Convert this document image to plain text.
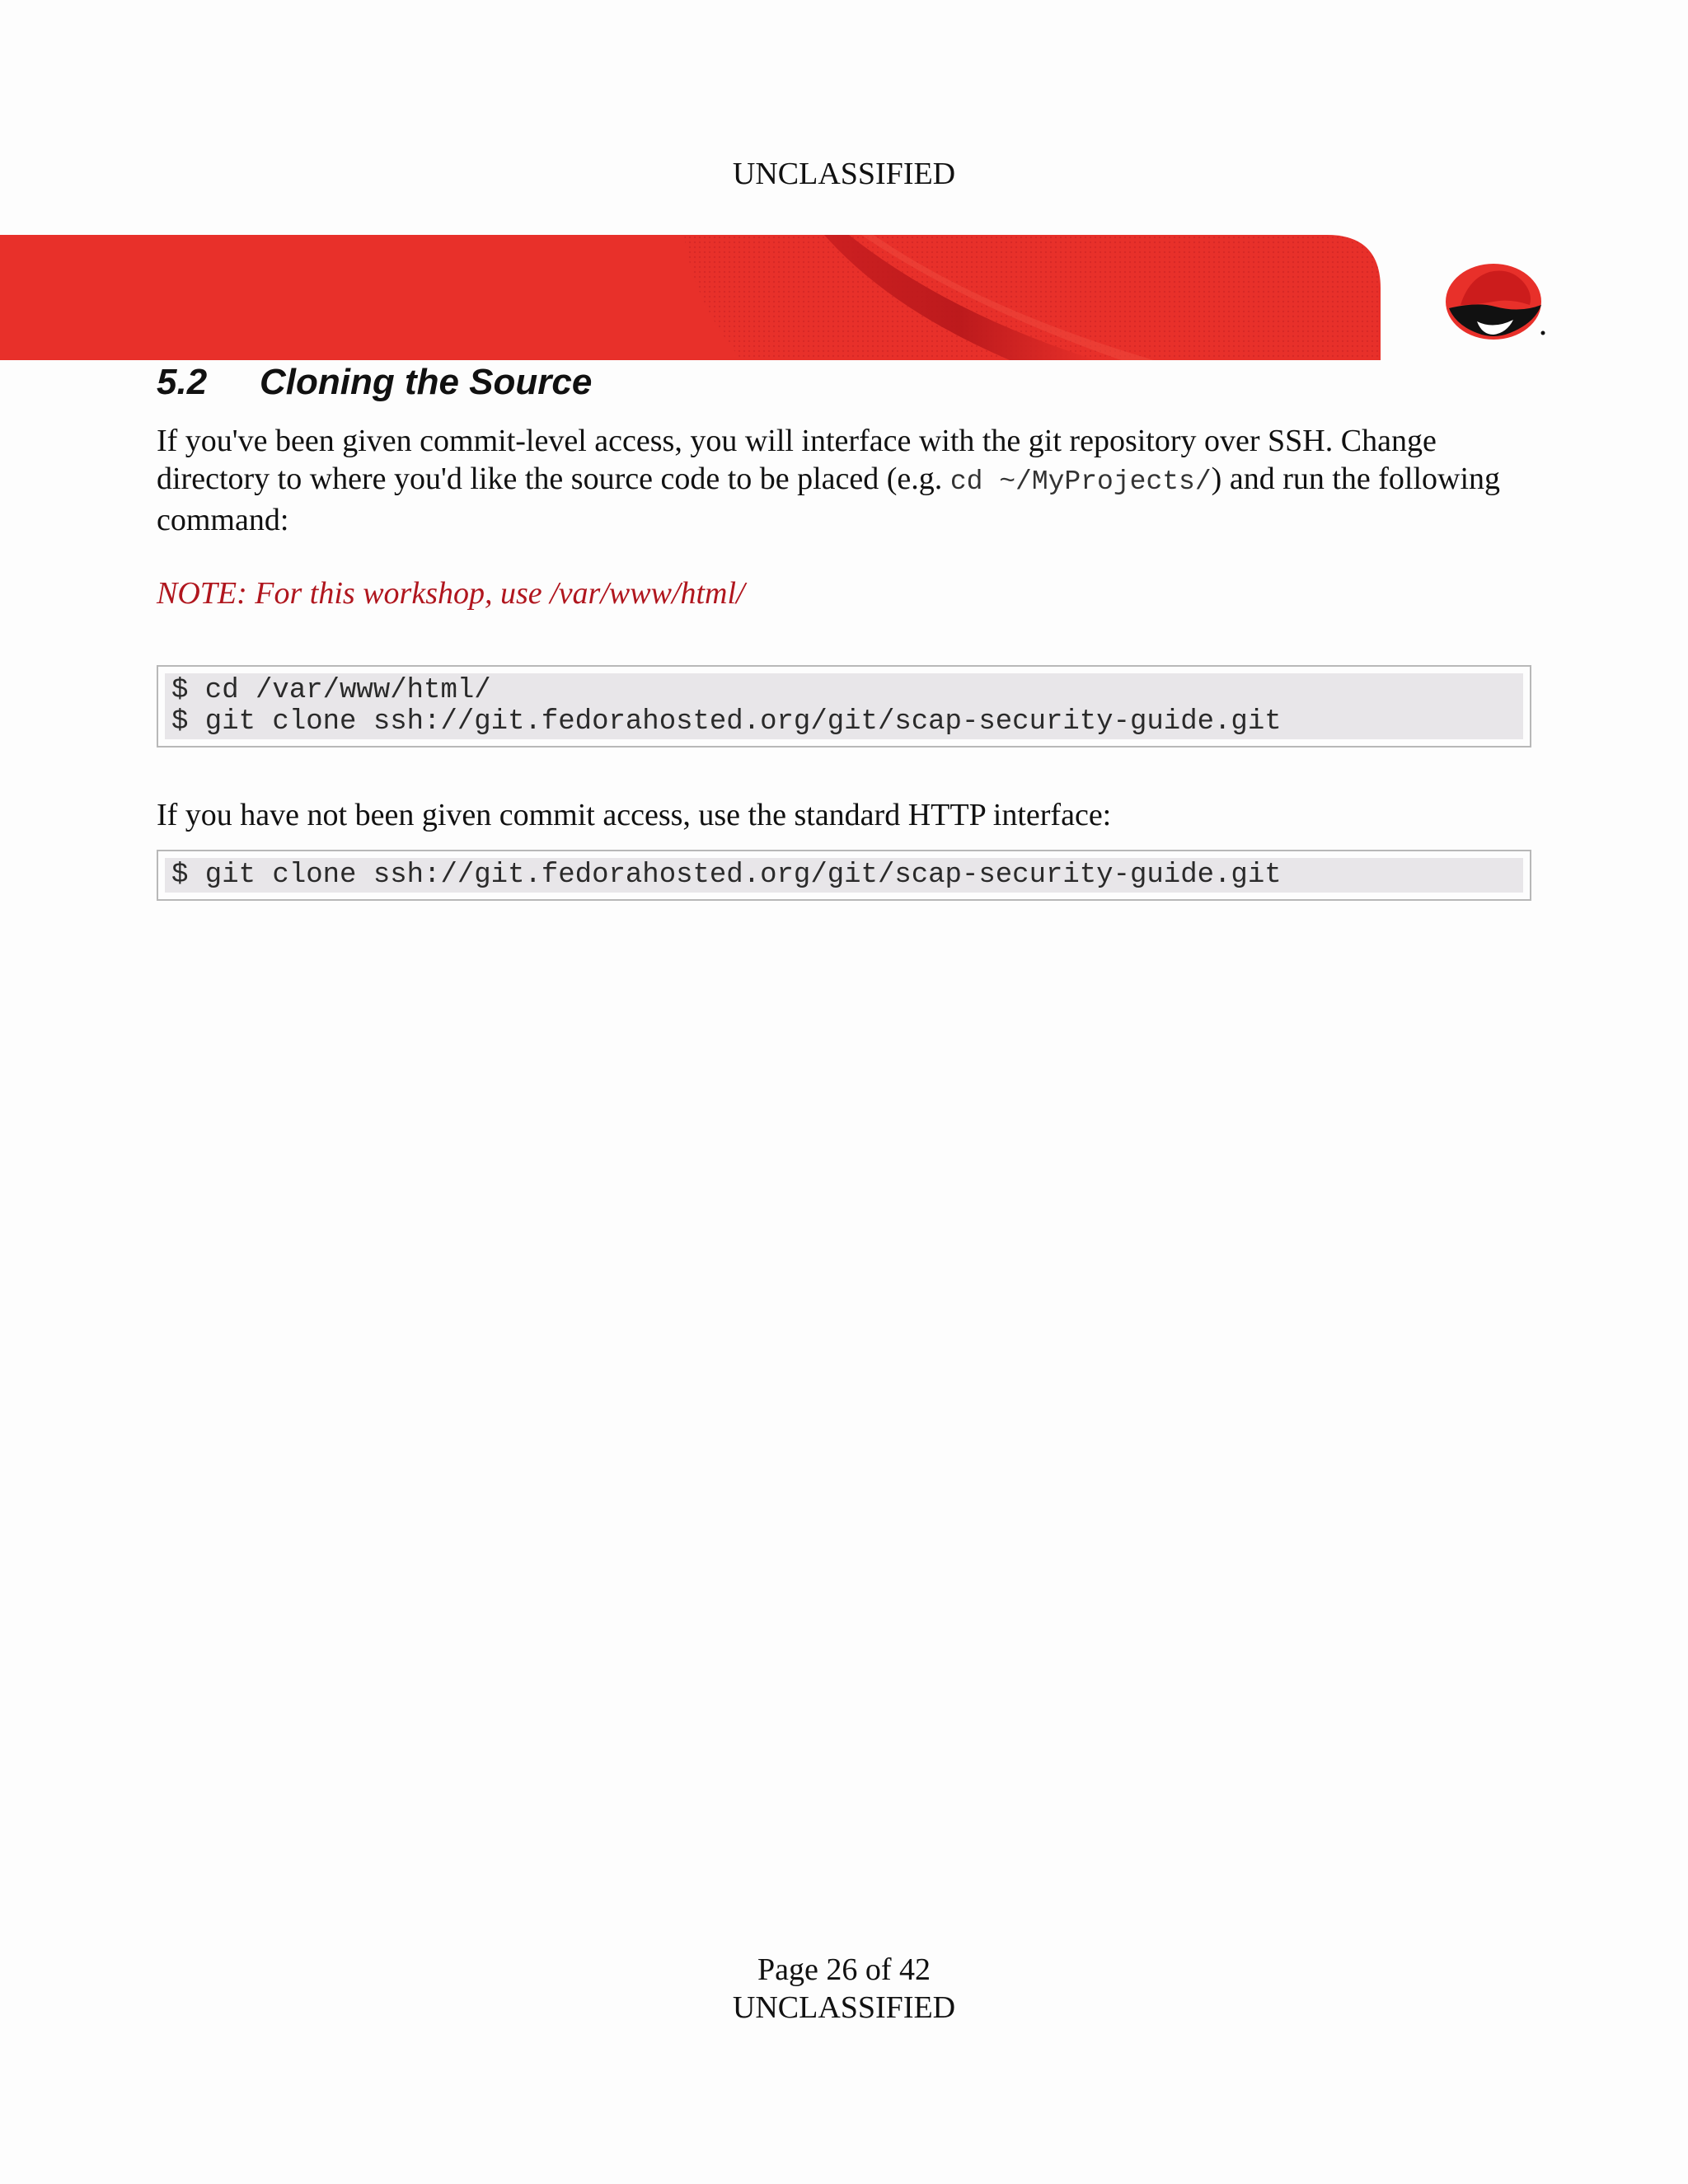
UNCLASSIFIED
5.2 Cloning the Source

If you've been given commit-level access, you will interface with the git repository over SSH. Change directory to where you'd like the source code to be placed (e.g. cd ~/MyProjects/) and run the following command:

NOTE: For this workshop, use /var/www/html/
$ cd /var/www/html/
$ git clone ssh://git.fedorahosted.org/git/scap-security-guide.git

If you have not been given commit access, use the standard HTTP interface:

$ git clone ssh://git.fedorahosted.org/git/scap-security-guide.git
Page 26 of 42
UNCLASSIFIED
